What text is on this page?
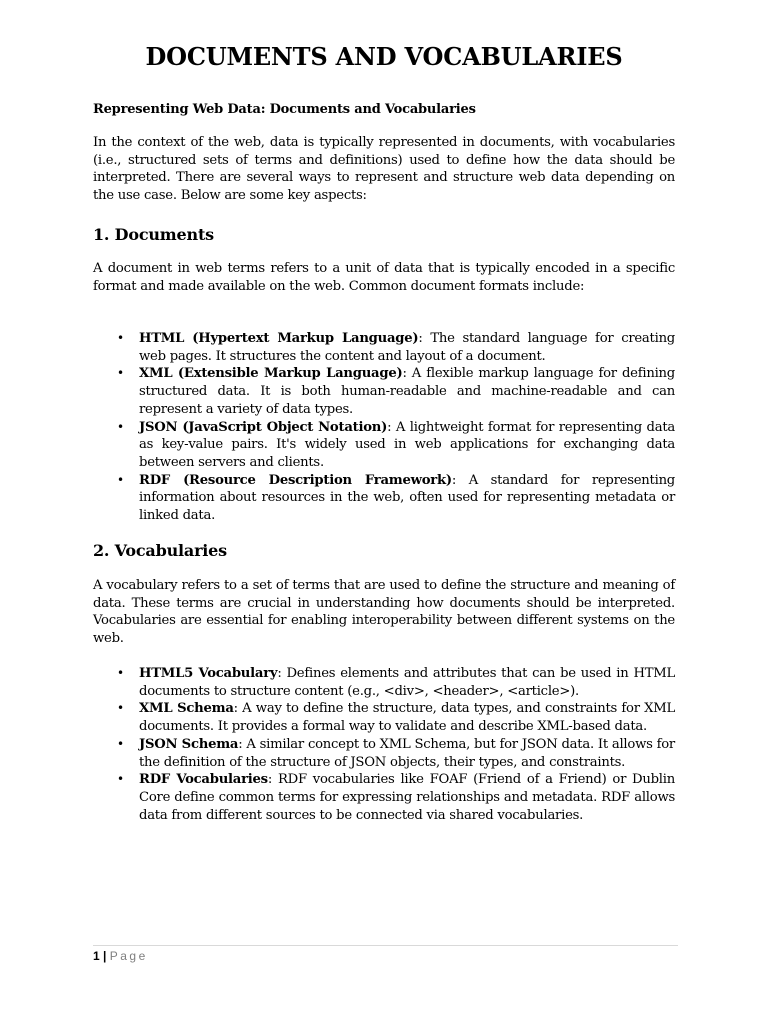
DOCUMENTS AND VOCABULARIES
Representing Web Data: Documents and Vocabularies

In the context of the web, data is typically represented in documents, with vocabularies (i.e., structured sets of terms and definitions) used to define how the data should be interpreted. There are several ways to represent and structure web data depending on the use case. Below are some key aspects:

1. Documents

A document in web terms refers to a unit of data that is typically encoded in a specific format and made available on the web. Common document formats include:

• HTML (Hypertext Markup Language): The standard language for creating web pages. It structures the content and layout of a document.
• XML (Extensible Markup Language): A flexible markup language for defining structured data. It is both human-readable and machine-readable and can represent a variety of data types.
• JSON (JavaScript Object Notation): A lightweight format for representing data as key-value pairs. It's widely used in web applications for exchanging data between servers and clients.
• RDF (Resource Description Framework): A standard for representing information about resources in the web, often used for representing metadata or linked data.
2. Vocabularies

A vocabulary refers to a set of terms that are used to define the structure and meaning of data. These terms are crucial in understanding how documents should be interpreted. Vocabularies are essential for enabling interoperability between different systems on the web.

• HTML5 Vocabulary: Defines elements and attributes that can be used in HTML documents to structure content (e.g., <div>, <header>, <article>).
• XML Schema: A way to define the structure, data types, and constraints for XML documents. It provides a formal way to validate and describe XML-based data.
• JSON Schema: A similar concept to XML Schema, but for JSON data. It allows for the definition of the structure of JSON objects, their types, and constraints.
• RDF Vocabularies: RDF vocabularies like FOAF (Friend of a Friend) or Dublin Core define common terms for expressing relationships and metadata. RDF allows data from different sources to be connected via shared vocabularies.
1 | Page
